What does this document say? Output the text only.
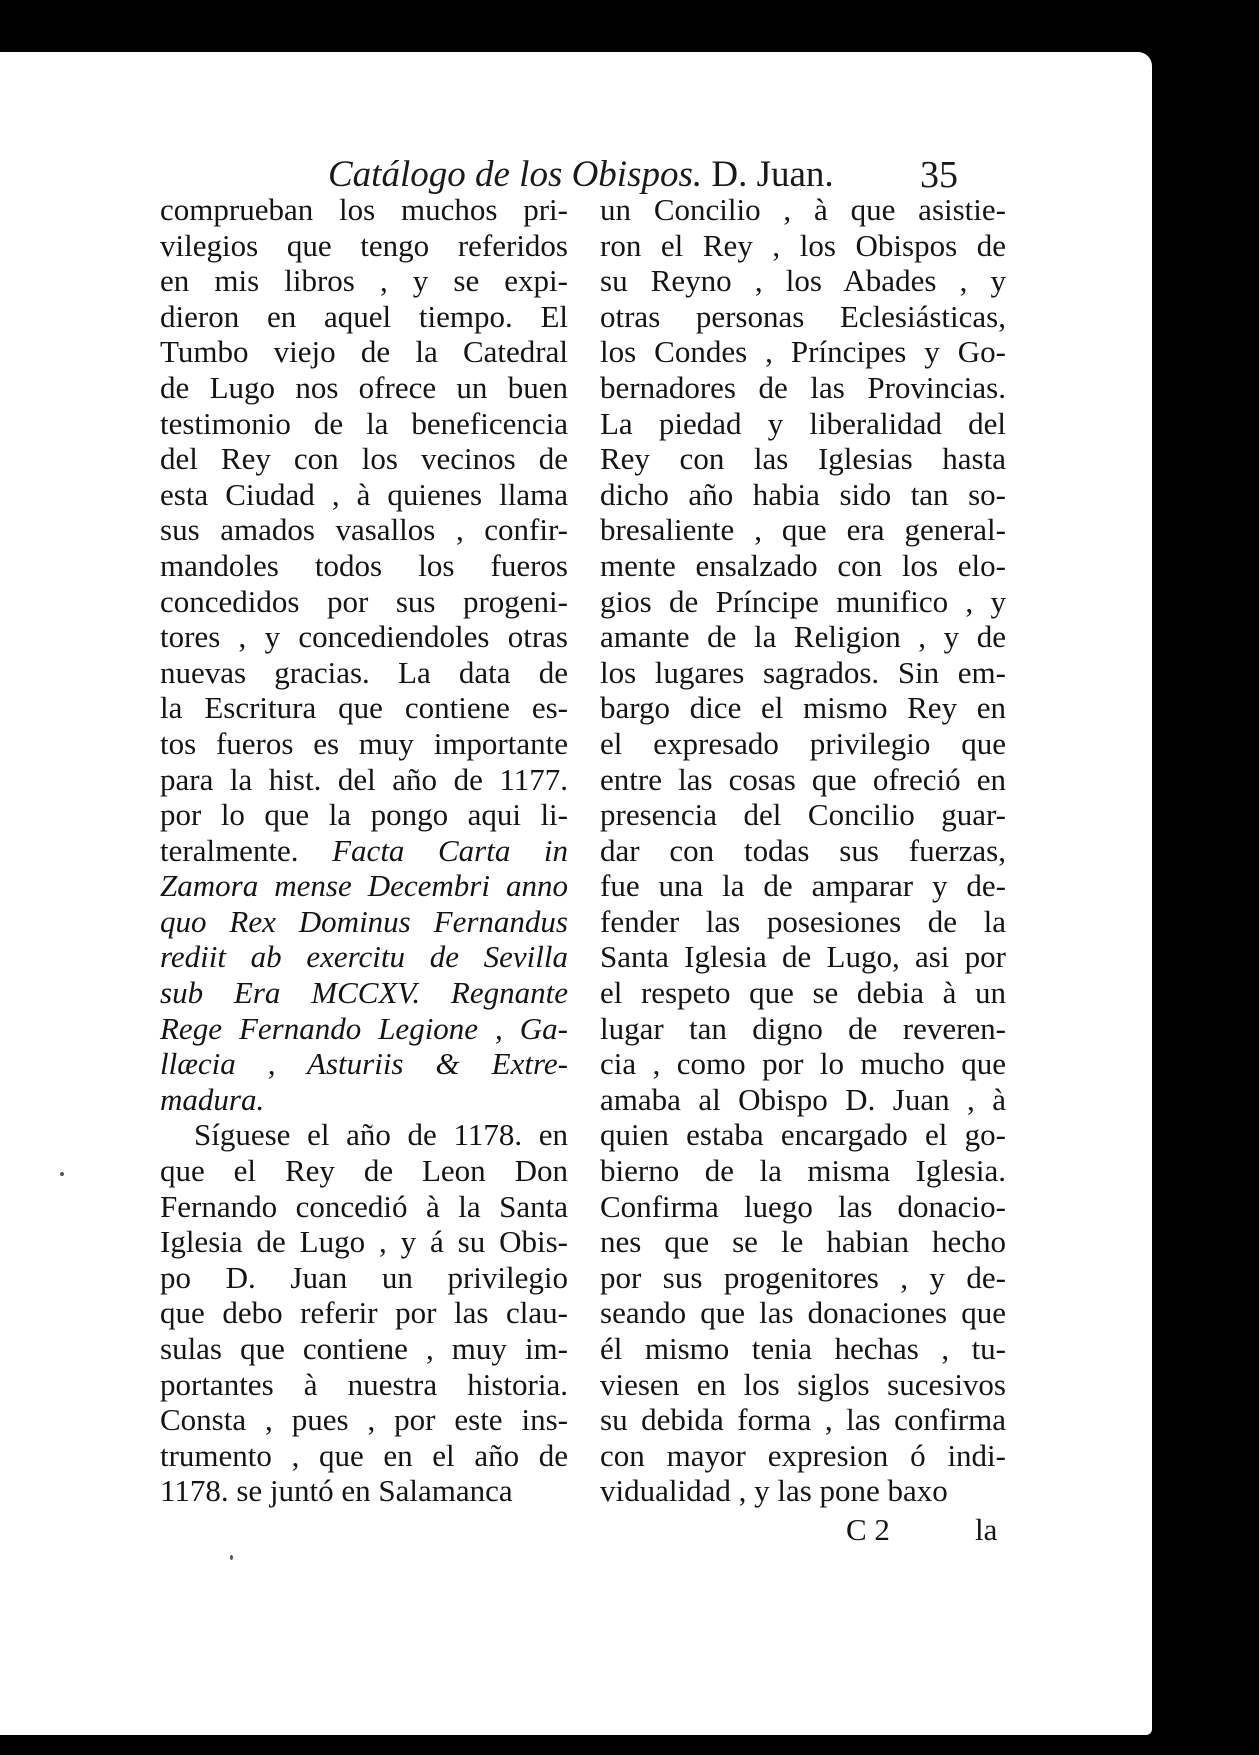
Catálogo de los Obispos. D. Juan. 35
comprueban los muchos pri-
vilegios que tengo referidos
en mis libros , y se expi-
dieron en aquel tiempo. El
Tumbo viejo de la Catedral
de Lugo nos ofrece un buen
testimonio de la beneficencia
del Rey con los vecinos de
esta Ciudad , à quienes llama
sus amados vasallos , confir-
mandoles todos los fueros
concedidos por sus progeni-
tores , y concediendoles otras
nuevas gracias. La data de
la Escritura que contiene es-
tos fueros es muy importante
para la hist. del año de 1177.
por lo que la pongo aqui li-
teralmente. Facta Carta in
Zamora mense Decembri anno
quo Rex Dominus Fernandus
rediit ab exercitu de Sevilla
sub Era MCCXV. Regnante
Rege Fernando Legione , Ga-
llæcia , Asturiis & Extre-
madura.
Síguese el año de 1178. en
que el Rey de Leon Don
Fernando concedió à la Santa
Iglesia de Lugo , y á su Obis-
po D. Juan un privilegio
que debo referir por las clau-
sulas que contiene , muy im-
portantes à nuestra historia.
Consta , pues , por este ins-
trumento , que en el año de
1178. se juntó en Salamanca
un Concilio , à que asistie-
ron el Rey , los Obispos de
su Reyno , los Abades , y
otras personas Eclesiásticas,
los Condes , Príncipes y Go-
bernadores de las Provincias.
La piedad y liberalidad del
Rey con las Iglesias hasta
dicho año habia sido tan so-
bresaliente , que era general-
mente ensalzado con los elo-
gios de Príncipe munifico , y
amante de la Religion , y de
los lugares sagrados. Sin em-
bargo dice el mismo Rey en
el expresado privilegio que
entre las cosas que ofreció en
presencia del Concilio guar-
dar con todas sus fuerzas,
fue una la de amparar y de-
fender las posesiones de la
Santa Iglesia de Lugo, asi por
el respeto que se debia à un
lugar tan digno de reveren-
cia , como por lo mucho que
amaba al Obispo D. Juan , à
quien estaba encargado el go-
bierno de la misma Iglesia.
Confirma luego las donacio-
nes que se le habian hecho
por sus progenitores , y de-
seando que las donaciones que
él mismo tenia hechas , tu-
viesen en los siglos sucesivos
su debida forma , las confirma
con mayor expresion ó indi-
vidualidad , y las pone baxo
C 2	la
